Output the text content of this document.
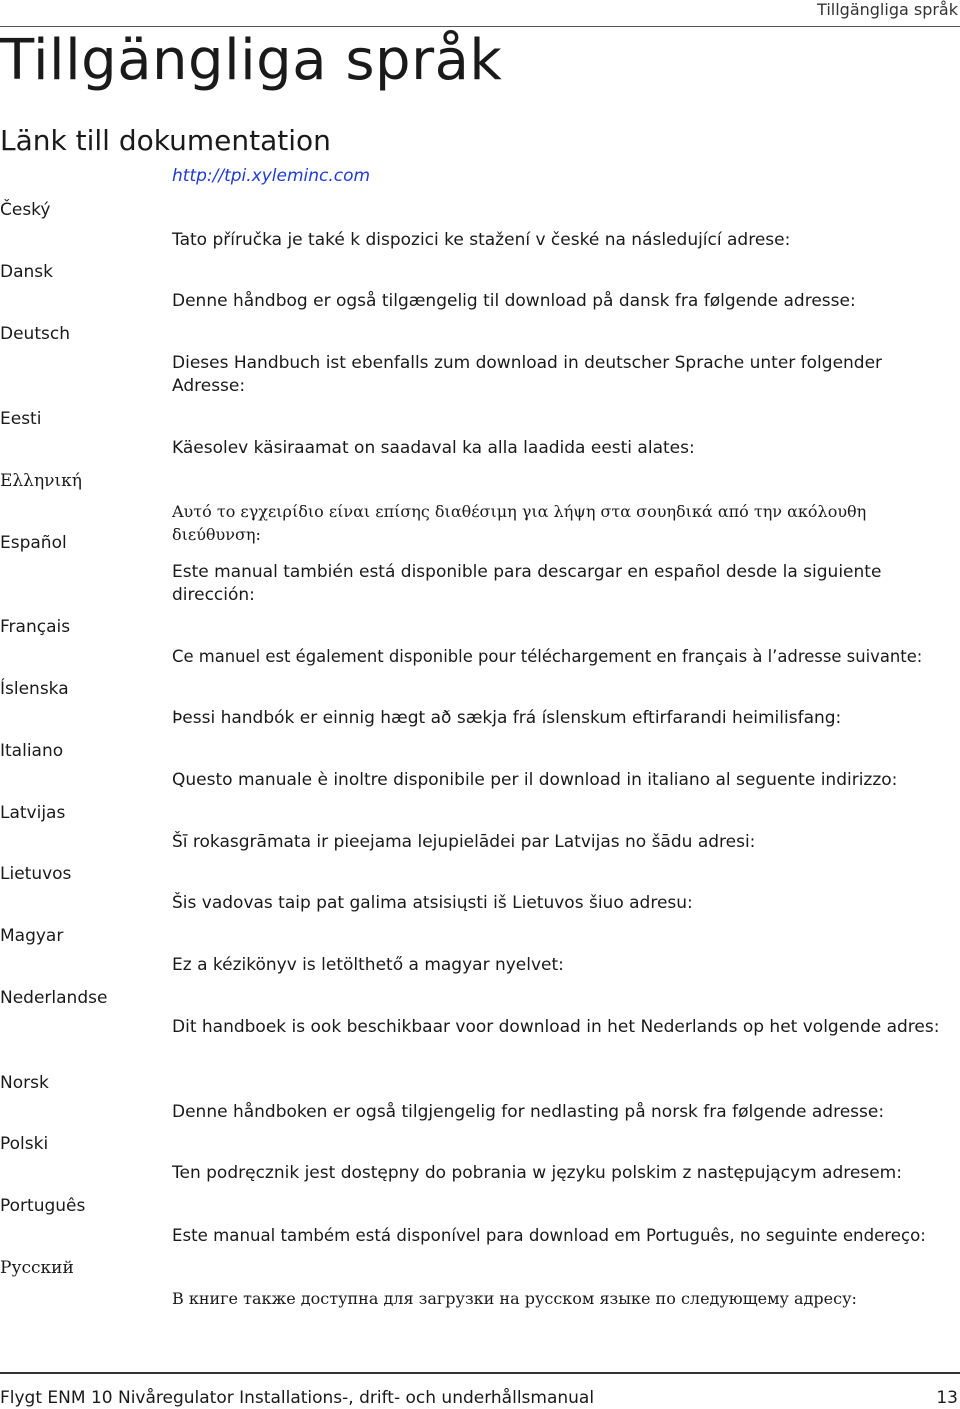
Tillgängliga språk
Tillgängliga språk
Länk till dokumentation
http://tpi.xyleminc.com
Český
Tato příručka je také k dispozici ke stažení v české na následující adrese:
Dansk
Denne håndbog er også tilgængelig til download på dansk fra følgende adresse:
Deutsch
Dieses Handbuch ist ebenfalls zum download in deutscher Sprache unter folgender Adresse:
Eesti
Käesolev käsiraamat on saadaval ka alla laadida eesti alates:
Ελληνική
Αυτό το εγχειρίδιο είναι επίσης διαθέσιμη για λήψη στα σουηδικά από την ακόλουθη διεύθυνση:
Español
Este manual también está disponible para descargar en español desde la siguiente dirección:
Français
Ce manuel est également disponible pour téléchargement en français à l’adresse suivante:
Íslenska
Þessi handbók er einnig hægt að sækja frá íslenskum eftirfarandi heimilisfang:
Italiano
Questo manuale è inoltre disponibile per il download in italiano al seguente indirizzo:
Latvijas
Šī rokasgrāmata ir pieejama lejupielādei par Latvijas no šādu adresi:
Lietuvos
Šis vadovas taip pat galima atsisiųsti iš Lietuvos šiuo adresu:
Magyar
Ez a kézikönyv is letölthető a magyar nyelvet:
Nederlandse
Dit handboek is ook beschikbaar voor download in het Nederlands op het volgende adres:
Norsk
Denne håndboken er også tilgjengelig for nedlasting på norsk fra følgende adresse:
Polski
Ten podręcznik jest dostępny do pobrania w języku polskim z następującym adresem:
Português
Este manual também está disponível para download em Português, no seguinte endereço:
Русский
В книге также доступна для загрузки на русском языке по следующему адресу:
Flygt ENM 10 Nivåregulator Installations-, drift- och underhållsmanual	13
